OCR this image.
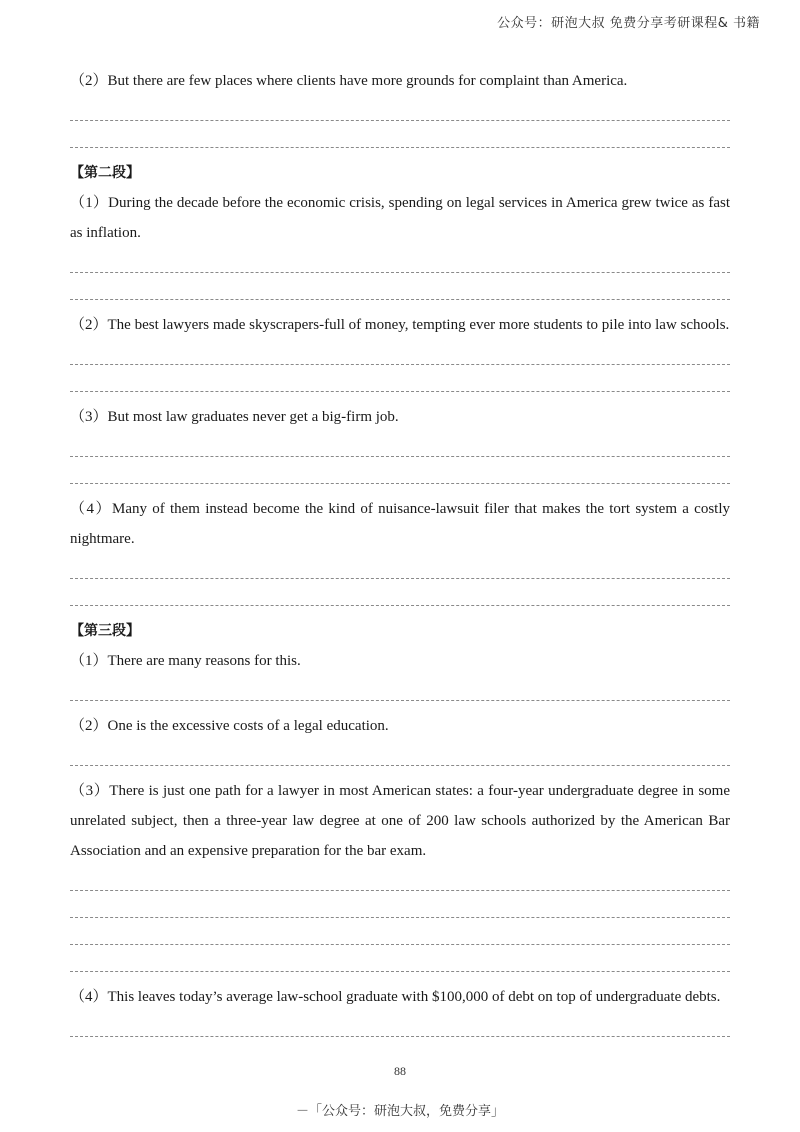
公众号：研泡大叔 免费分享考研课程& 书籍

（2）But there are few places where clients have more grounds for complaint than America.

【第二段】

（1）During the decade before the economic crisis, spending on legal services in America grew twice as fast as inflation.

（2）The best lawyers made skyscrapers-full of money, tempting ever more students to pile into law schools.

（3）But most law graduates never get a big-firm job.

（4）Many of them instead become the kind of nuisance-lawsuit filer that makes the tort system a costly nightmare.

【第三段】

（1）There are many reasons for this.

（2）One is the excessive costs of a legal education.

（3）There is just one path for a lawyer in most American states: a four-year undergraduate degree in some unrelated subject, then a three-year law degree at one of 200 law schools authorized by the American Bar Association and an expensive preparation for the bar exam.

（4）This leaves today’s average law-school graduate with $100,000 of debt on top of undergraduate debts.

88
－「公众号：研泡大叔，免费分享」
